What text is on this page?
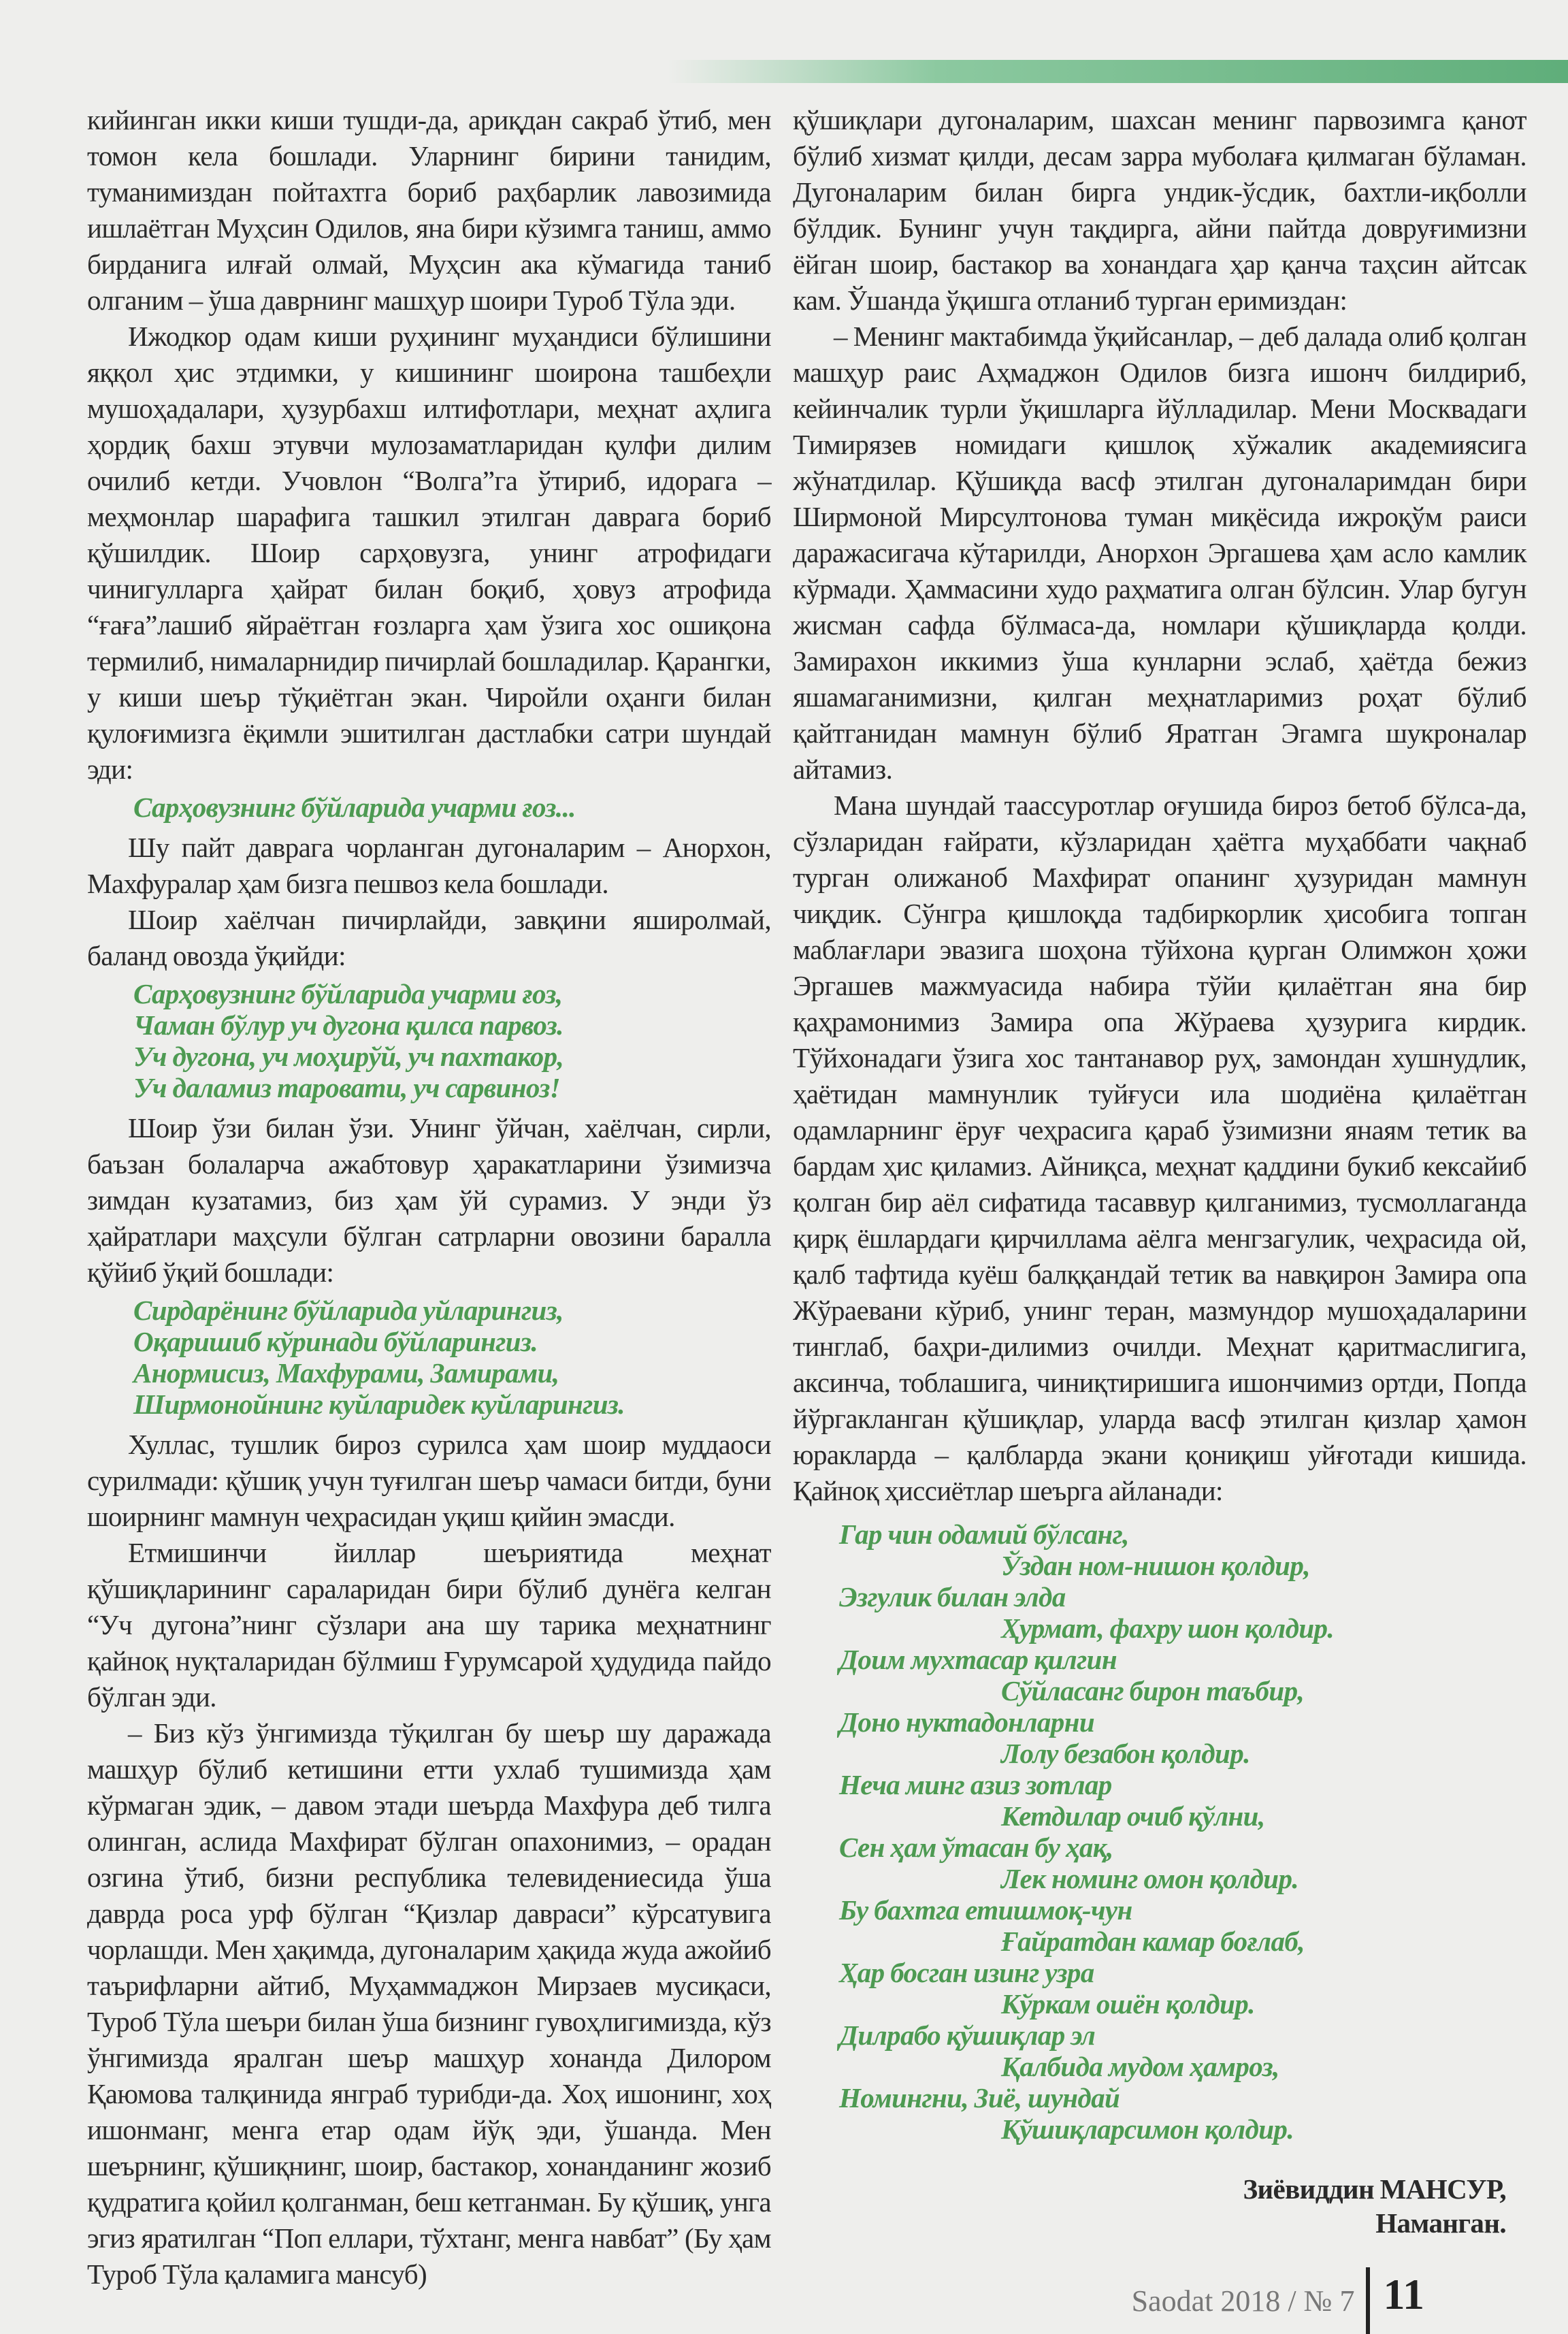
кийинган икки киши тушди-да, ариқдан сакраб ўтиб, мен томон кела бошлади. Уларнинг бирини танидим, туманимиздан пойтахтга бориб раҳбарлик лавозимида ишлаётган Муҳсин Одилов, яна бири кўзимга таниш, аммо бирданига илғай олмай, Муҳсин ака кўмагида таниб олганим – ўша даврнинг машҳур шоири Туроб Тўла эди.

Ижодкор одам киши руҳининг муҳандиси бўлишини яққол ҳис этдимки, у кишининг шоирона ташбеҳли мушоҳадалари, ҳузурбахш илтифотлари, меҳнат аҳлига ҳордиқ бахш этувчи мулозаматларидан қулфи дилим очилиб кетди. Учовлон “Волга”га ўтириб, идорага – меҳмонлар шарафига ташкил этилган даврага бориб қўшилдик. Шоир сарҳовузга, унинг атрофидаги чинигулларга ҳайрат билан боқиб, ҳовуз атрофида “ғаға”лашиб яйраётган ғозларга ҳам ўзига хос ошиқона термилиб, нималарнидир пичирлай бошладилар. Қарангки, у киши шеър тўқиётган экан. Чиройли оҳанги билан қулоғимизга ёқимли эшитилган дастлабки сатри шундай эди:

Сарҳовузнинг бўйларида учарми ғоз...

Шу пайт даврага чорланган дугоналарим – Анорхон, Махфуралар ҳам бизга пешвоз кела бошлади.

Шоир хаёлчан пичирлайди, завқини яширолмай, баланд овозда ўқийди:

Сарҳовузнинг бўйларида учарми ғоз,
Чаман бўлур уч дугона қилса парвоз.
Уч дугона, уч моҳирўй, уч пахтакор,
Уч даламиз тароватu, уч сарвиноз!

Шоир ўзи билан ўзи. Унинг ўйчан, хаёлчан, сирли, баъзан болаларча ажабтовур ҳаракатларини ўзимизча зимдан кузатамиз, биз ҳам ўй сурамиз. У энди ўз ҳайратлари маҳсули бўлган сатрларни овозини баралла қўйиб ўқий бошлади:

Сирдарёнинг бўйларида уйларингиз,
Оқаришиб кўринади бўйларингиз.
Анормисиз, Махфурами, Замирами,
Ширмонойнинг куйларидек куйларингиз.

Хуллас, тушлик бироз сурилса ҳам шоир муддаоси сурилмади: қўшиқ учун туғилган шеър чамаси битди, буни шоирнинг мамнун чеҳрасидан уқиш қийин эмасди.

Етмишинчи йиллар шеъриятида меҳнат қўшиқларининг сараларидан бири бўлиб дунёга келган “Уч дугона”нинг сўзлари ана шу тарика меҳнатнинг қайноқ нуқталаридан бўлмиш Ғурумсарой ҳудудида пайдо бўлган эди.

– Биз кўз ўнгимизда тўқилган бу шеър шу даражада машҳур бўлиб кетишини етти уxлаб тушимизда ҳам кўрмаган эдик, – давом этади шеърда Махфура деб тилга олинган, аслида Махфират бўлган опахонимиз, – орадан озгина ўтиб, бизни республика телевидениесида ўша даврда роса урф бўлган “Қизлар давраси” кўрсатувига чорлашди. Мен ҳақимда, дугоналарим ҳақида жуда ажойиб таърифларни айтиб, Муҳаммаджон Мирзаев мусиқаси, Туроб Тўла шеъри билан ўша бизнинг гувоҳлигимизда, кўз ўнгимизда яралган шеър машҳур хонанда Дилором Қаюмова талқинида янграб турибди-да. Хоҳ ишонинг, хоҳ ишонманг, менга етар одам йўқ эди, ўшанда. Мен шеърнинг, қўшиқнинг, шоир, бастакор, хонанданинг жозиб қудратига қойил қолганман, беш кетганман. Бу қўшиқ, унга эгиз яратилган “Поп еллари, тўхтанг, менга навбат” (Бу ҳам Туроб Тўла қаламига мансуб)

қўшиқлари дугоналарим, шахсан менинг парвозимга қанот бўлиб хизмат қилди, десам зарра муболаға қилмаган бўламан. Дугоналарим билан бирга ундик-ўсдик, бахтли-иқболли бўлдик. Бунинг учун тақдирга, айни пайтда довруғимизни ёйган шоир, бастакор ва хонандага ҳар қанча таҳсин айтсак кам. Ўшанда ўқишга отланиб турган еримиздан:

– Менинг мактабимда ўқийсанлар, – деб далада олиб қолган машҳур раис Аҳмаджон Одилов бизга ишонч билдириб, кейинчалик турли ўқишларга йўлладилар. Мени Москвадаги Тимирязев номидаги қишлоқ хўжалик академиясига жўнатдилар. Қўшиқда васф этилган дугоналаримдан бири Ширмоной Мирсултонова туман миқёсида ижроқўм раиси даражасигача кўтарилди, Анорхон Эргашева ҳам асло камлик кўрмади. Ҳаммасини худо раҳматига олган бўлсин. Улар бугун жисман сафда бўлмаса-да, номлари қўшиқларда қолди. Замирахон иккимиз ўша кунларни эслаб, ҳаётда бежиз яшамаганимизни, қилган меҳнатларимиз роҳат бўлиб қайтганидан мамнун бўлиб Яратган Эгамга шукроналар айтамиз.

Мана шундай таассуротлар оғушида бироз бетоб бўлса-да, сўзларидан ғайрати, кўзларидан ҳаётга муҳаббати чақнаб турган олижаноб Махфират опанинг ҳузуридан мамнун чиқдик. Сўнгра қишлоқда тадбиркорлик ҳисобига топган маблағлари эвазига шоҳона тўйхона қурган Олимжон ҳожи Эргашев мажмуасида набира тўйи қилаётган яна бир қаҳрамонимиз Замира опа Жўраева ҳузурига кирдик. Тўйхонадаги ўзига хос тантанавор руҳ, замондан хушнудлик, ҳаётидан мамнунлик туйғуси ила шодиёна қилаётган одамларнинг ёруғ чеҳрасига қараб ўзимизни янаям тетик ва бардам ҳис қиламиз. Айниқса, меҳнат қаддини букиб кексайиб қолган бир аёл сифатида тасаввур қилганимиз, тусмоллаганда қирқ ёшлардаги қирчиллама аёлга менгзагулик, чеҳрасида ой, қалб тафтида куёш балққандай тетик ва навқирон Замира опа Жўраевани кўриб, унинг теран, мазмундор мушоҳадаларини тинглаб, баҳри-дилимиз очилди. Меҳнат қаритмаслигига, аксинча, тоблашига, чиниқтиришига ишончимиз ортди, Попда йўргакланган қўшиқлар, уларда васф этилган қизлар ҳамон юракларда – қалбларда экани қониқиш уйғотади кишида. Қайноқ ҳиссиётлар шеърга айланади:

Гар чин одамий бўлсанг,
Ўздан ном-нишон қолдир,
Эзгулик билан элда
Ҳурмат, фахру шон қолдир.
Доим мухтасар қилгин
Сўйласанг бирон таъбир,
Доно нуктадонларни
Лолу безабон қолдир.
Неча минг азиз зотлар
Кетдилар очиб қўлни,
Сен ҳам ўтасан бу ҳақ,
Лек номинг омон қолдир.
Бу бахтга етишмоқ-чун
Ғайратдан камар боғлаб,
Ҳар босган изинг узра
Кўркам ошён қолдир.
Дилрабо қўшиқлар эл
Қалбида мудом ҳамроз,
Номингни, Зиё, шундай
Қўшиқларсимон қолдир.
Зиёвиддин МАНСУР,
Наманган.
Saodat 2018 / № 7 11
